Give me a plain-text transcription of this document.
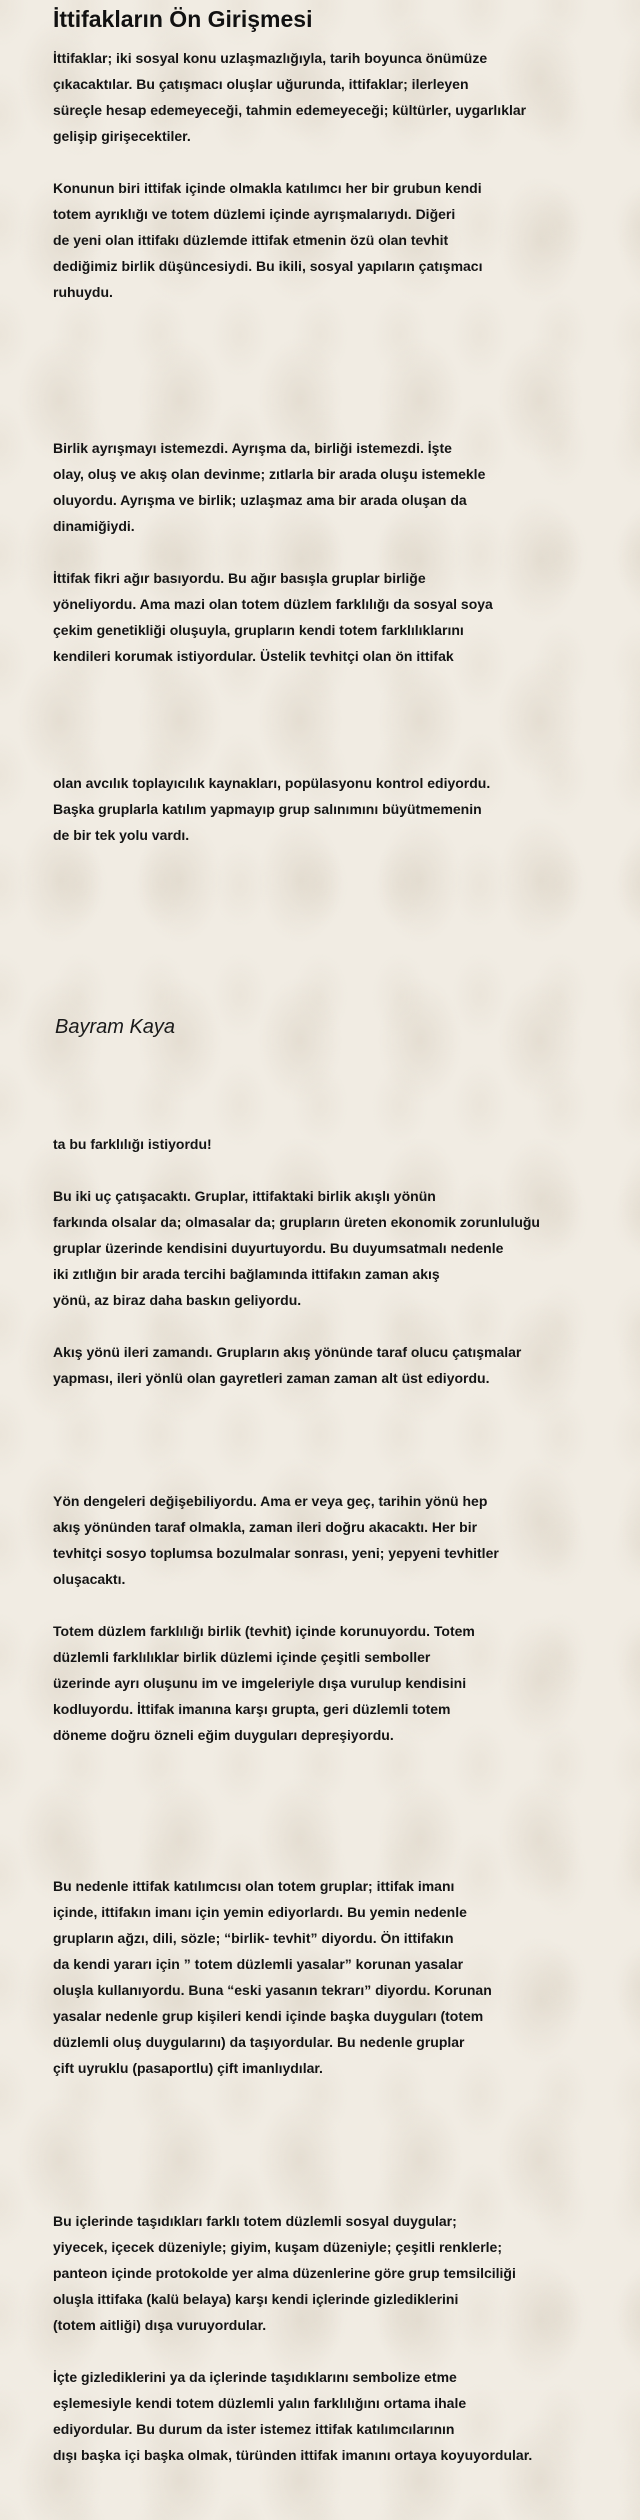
İttifakların Ön Girişmesi

İttifaklar; iki sosyal konu uzlaşmazlığıyla, tarih boyunca önümüze

çıkacaktılar. Bu çatışmacı oluşlar uğurunda, ittifaklar; ilerleyen

süreçle hesap edemeyeceği, tahmin edemeyeceği; kültürler, uygarlıklar

gelişip girişecektiler.

Konunun biri ittifak içinde olmakla katılımcı her bir grubun kendi

totem ayrıklığı ve totem düzlemi içinde ayrışmalarıydı. Diğeri

de yeni olan ittifakı düzlemde ittifak etmenin özü olan tevhit

dediğimiz birlik düşüncesiydi. Bu ikili, sosyal yapıların çatışmacı

ruhuydu.

Birlik ayrışmayı istemezdi. Ayrışma da, birliği istemezdi. İşte

olay, oluş ve akış olan devinme; zıtlarla bir arada oluşu istemekle

oluyordu. Ayrışma ve birlik; uzlaşmaz ama bir arada oluşan da

dinamiğiydi.

İttifak fikri ağır basıyordu. Bu ağır basışla gruplar birliğe

yöneliyordu. Ama mazi olan totem düzlem farklılığı da sosyal soya

çekim genetikliği oluşuyla, grupların kendi totem farklılıklarını

kendileri korumak istiyordular. Üstelik tevhitçi olan ön ittifak

olan avcılık toplayıcılık kaynakları, popülasyonu kontrol ediyordu.

Başka gruplarla katılım yapmayıp grup salınımını büyütmemenin

de bir tek yolu vardı.

Bayram Kaya

ta bu farklılığı istiyordu!

Bu iki uç çatışacaktı. Gruplar, ittifaktaki birlik akışlı yönün

farkında olsalar da; olmasalar da; grupların üreten ekonomik zorunluluğu

gruplar üzerinde kendisini duyurtuyordu. Bu duyumsatmalı nedenle

iki zıtlığın bir arada tercihi bağlamında ittifakın zaman akış

yönü, az biraz daha baskın geliyordu.

Akış yönü ileri zamandı. Grupların akış yönünde taraf olucu çatışmalar

yapması, ileri yönlü olan gayretleri zaman zaman alt üst ediyordu.

Yön dengeleri değişebiliyordu. Ama er veya geç, tarihin yönü hep

akış yönünden taraf olmakla, zaman ileri doğru akacaktı. Her bir

tevhitçi sosyo toplumsa bozulmalar sonrası, yeni; yepyeni tevhitler

oluşacaktı.

Totem düzlem farklılığı birlik (tevhit) içinde korunuyordu. Totem

düzlemli farklılıklar birlik düzlemi içinde çeşitli semboller

üzerinde ayrı oluşunu im ve imgeleriyle dışa vurulup kendisini

kodluyordu. İttifak imanına karşı grupta, geri düzlemli totem

döneme doğru özneli eğim duyguları depreşiyordu.

Bu nedenle ittifak katılımcısı olan totem gruplar; ittifak imanı

içinde, ittifakın imanı için yemin ediyorlardı. Bu yemin nedenle

grupların ağzı, dili, sözle; “birlik- tevhit” diyordu. Ön ittifakın

da kendi yararı için ” totem düzlemli yasalar” korunan yasalar

oluşla kullanıyordu. Buna “eski yasanın tekrarı” diyordu. Korunan

yasalar nedenle grup kişileri kendi içinde başka duyguları (totem

düzlemli oluş duygularını) da taşıyordular. Bu nedenle gruplar

çift uyruklu (pasaportlu) çift imanlıydılar.

Bu içlerinde taşıdıkları farklı totem düzlemli sosyal duygular;

yiyecek, içecek düzeniyle; giyim, kuşam düzeniyle; çeşitli renklerle;

panteon içinde protokolde yer alma düzenlerine göre grup temsilciliği

oluşla ittifaka (kalü belaya) karşı kendi içlerinde gizlediklerini

(totem aitliği) dışa vuruyordular.

İçte gizlediklerini ya da içlerinde taşıdıklarını sembolize etme

eşlemesiyle kendi totem düzlemli yalın farklılığını ortama ihale

ediyordular. Bu durum da ister istemez ittifak katılımcılarının

dışı başka içi başka olmak, türünden ittifak imanını ortaya koyuyordular.
